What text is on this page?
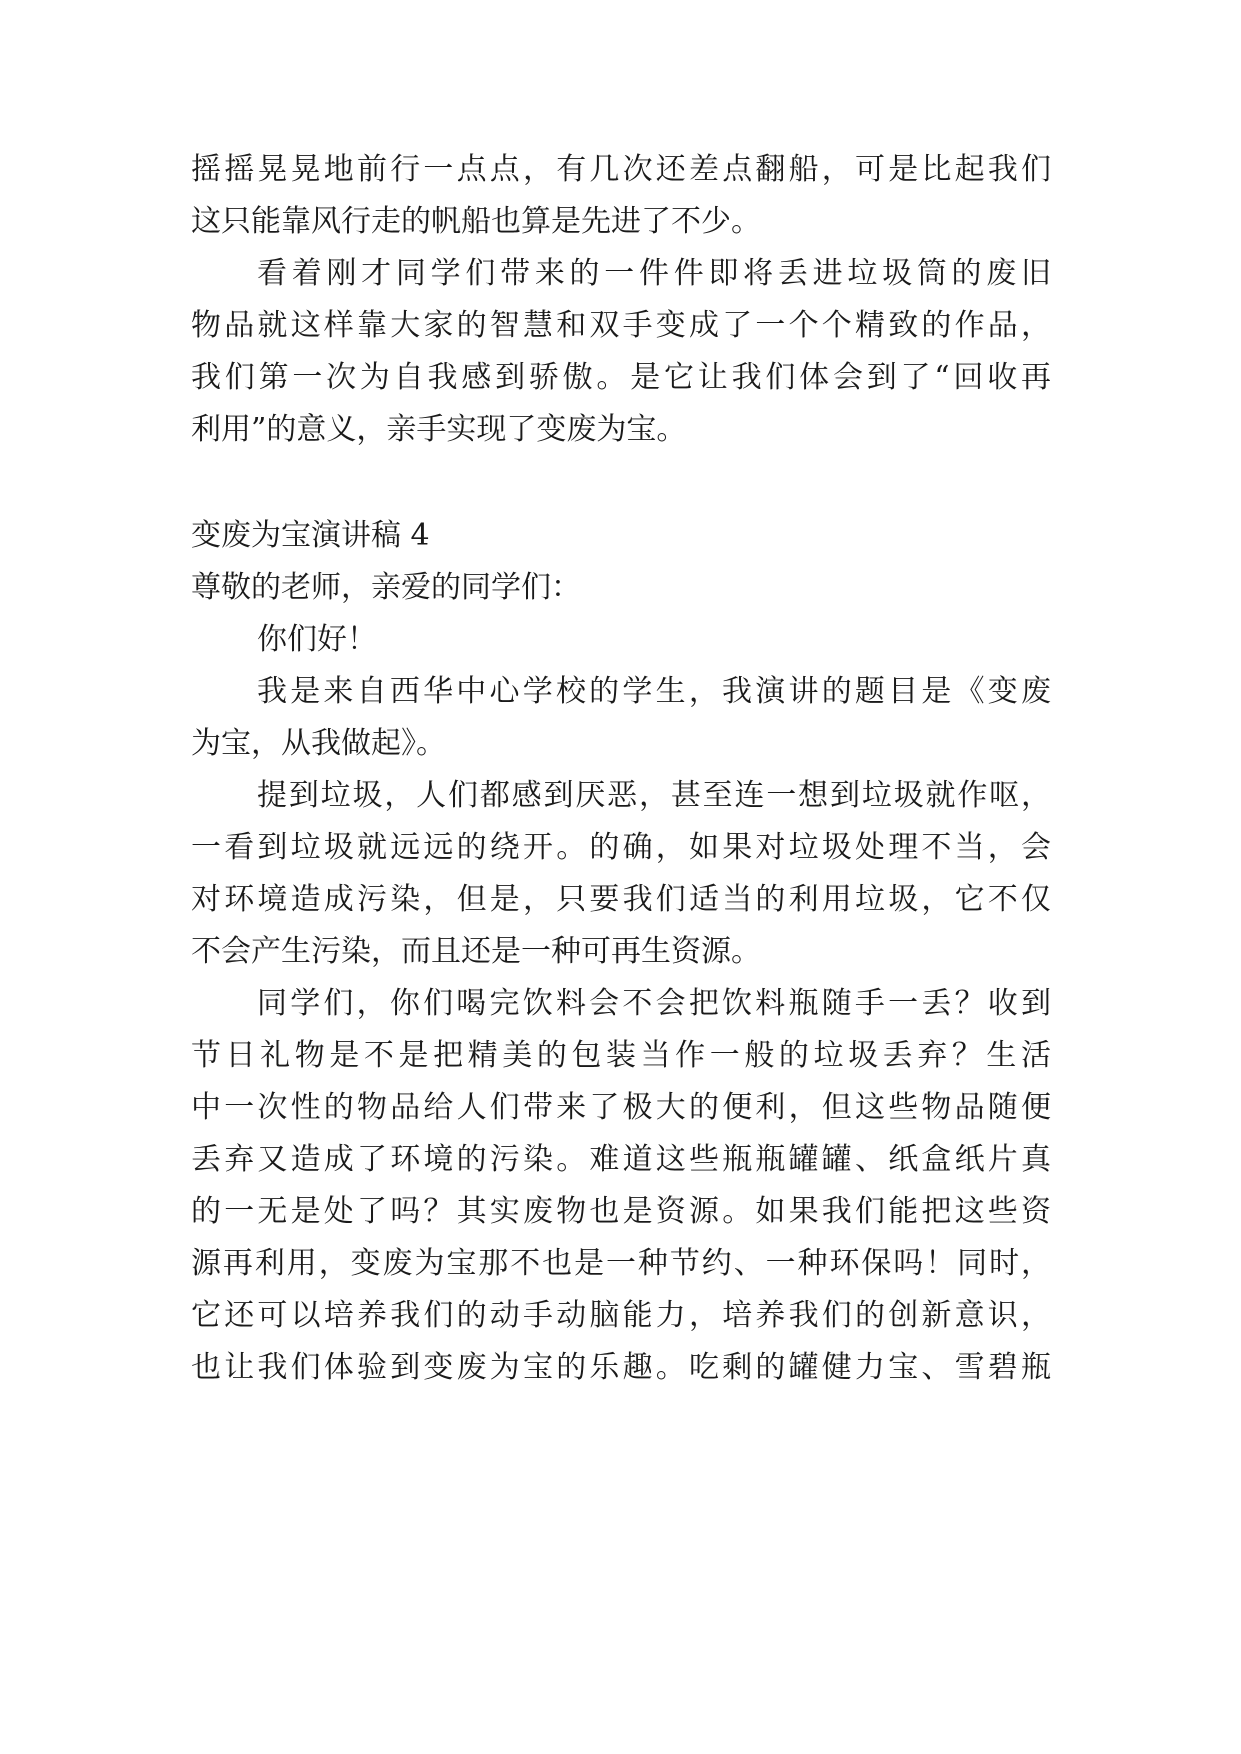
摇摇晃晃地前行一点点，有几次还差点翻船，可是比起我们
这只能靠风行走的帆船也算是先进了不少。
看着刚才同学们带来的一件件即将丢进垃圾筒的废旧
物品就这样靠大家的智慧和双手变成了一个个精致的作品，
我们第一次为自我感到骄傲。是它让我们体会到了“回收再
利用”的意义，亲手实现了变废为宝。
变废为宝演讲稿 4
尊敬的老师，亲爱的同学们：
你们好！
我是来自西华中心学校的学生，我演讲的题目是《变废
为宝，从我做起》。
提到垃圾，人们都感到厌恶，甚至连一想到垃圾就作呕，
一看到垃圾就远远的绕开。的确，如果对垃圾处理不当，会
对环境造成污染，但是，只要我们适当的利用垃圾，它不仅
不会产生污染，而且还是一种可再生资源。
同学们，你们喝完饮料会不会把饮料瓶随手一丢？收到
节日礼物是不是把精美的包装当作一般的垃圾丢弃？生活
中一次性的物品给人们带来了极大的便利，但这些物品随便
丢弃又造成了环境的污染。难道这些瓶瓶罐罐、纸盒纸片真
的一无是处了吗？其实废物也是资源。如果我们能把这些资
源再利用，变废为宝那不也是一种节约、一种环保吗！同时，
它还可以培养我们的动手动脑能力，培养我们的创新意识，
也让我们体验到变废为宝的乐趣。吃剩的罐健力宝、雪碧瓶
